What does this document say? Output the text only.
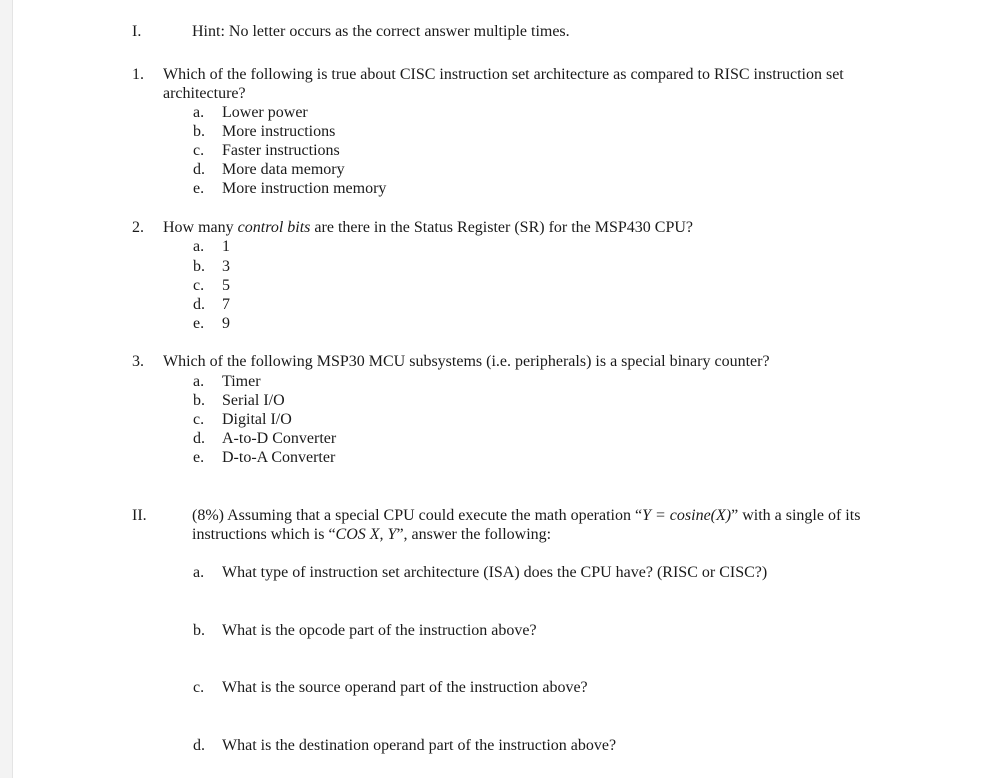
I.	Hint: No letter occurs as the correct answer multiple times.
1. Which of the following is true about CISC instruction set architecture as compared to RISC instruction set
architecture?
a. Lower power
b. More instructions
c. Faster instructions
d. More data memory
e. More instruction memory
2. How many control bits are there in the Status Register (SR) for the MSP430 CPU?
a. 1
b. 3
c. 5
d. 7
e. 9
3. Which of the following MSP30 MCU subsystems (i.e. peripherals) is a special binary counter?
a. Timer
b. Serial I/O
c. Digital I/O
d. A-to-D Converter
e. D-to-A Converter
II.	(8%) Assuming that a special CPU could execute the math operation “Y = cosine(X)” with a single of its
instructions which is “COS X, Y”, answer the following:
a. What type of instruction set architecture (ISA) does the CPU have? (RISC or CISC?)
b. What is the opcode part of the instruction above?
c. What is the source operand part of the instruction above?
d. What is the destination operand part of the instruction above?
